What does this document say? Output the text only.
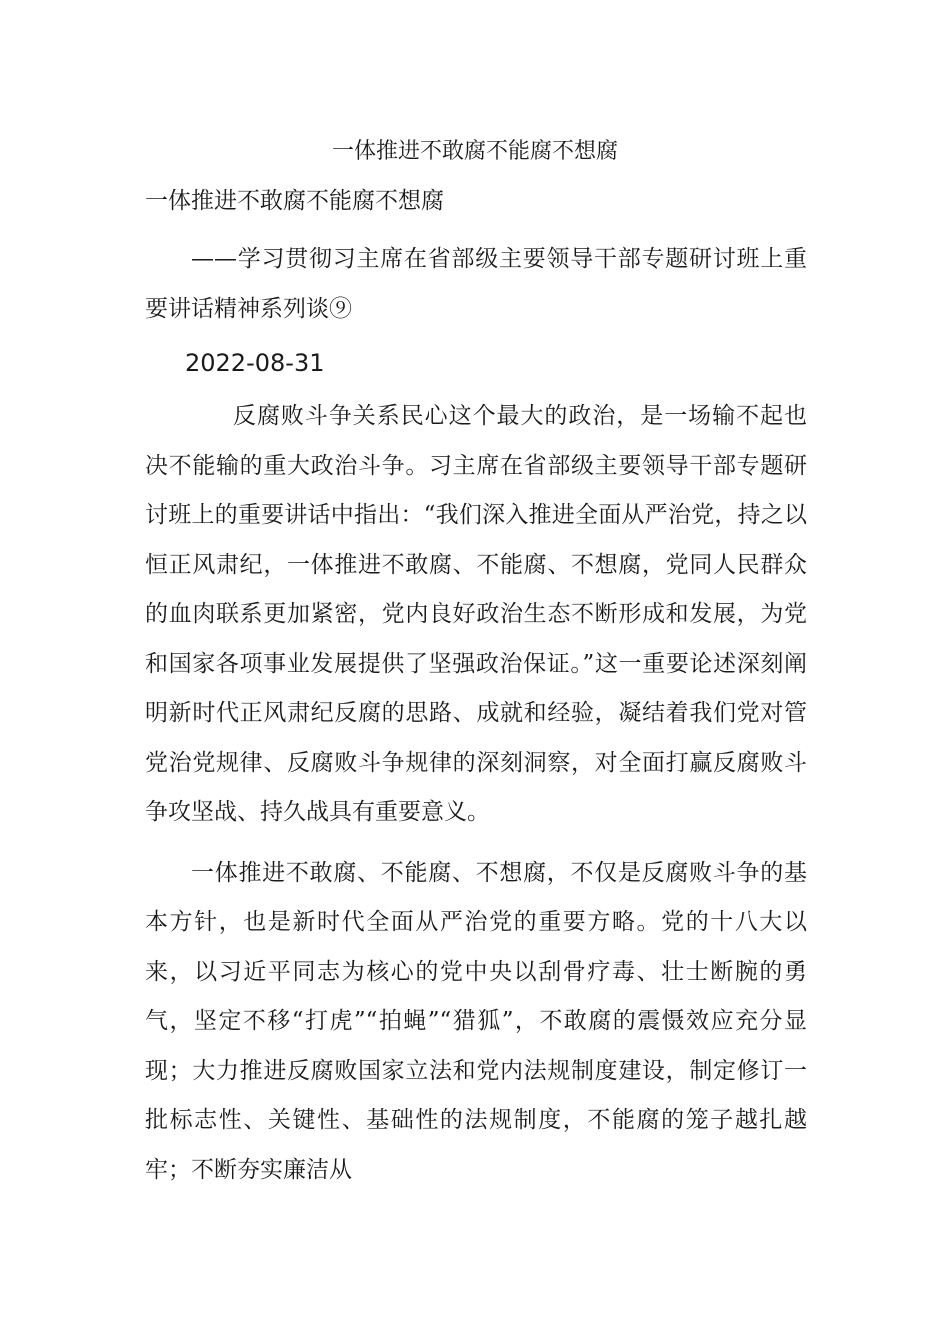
一体推进不敢腐不能腐不想腐

一体推进不敢腐不能腐不想腐

——学习贯彻习主席在省部级主要领导干部专题研讨班上重要讲话精神系列谈⑨

2022-08-31

反腐败斗争关系民心这个最大的政治，是一场输不起也决不能输的重大政治斗争。习主席在省部级主要领导干部专题研讨班上的重要讲话中指出：“我们深入推进全面从严治党，持之以恒正风肃纪，一体推进不敢腐、不能腐、不想腐，党同人民群众的血肉联系更加紧密，党内良好政治生态不断形成和发展，为党和国家各项事业发展提供了坚强政治保证。”这一重要论述深刻阐明新时代正风肃纪反腐的思路、成就和经验，凝结着我们党对管党治党规律、反腐败斗争规律的深刻洞察，对全面打赢反腐败斗争攻坚战、持久战具有重要意义。

一体推进不敢腐、不能腐、不想腐，不仅是反腐败斗争的基本方针，也是新时代全面从严治党的重要方略。党的十八大以来，以习近平同志为核心的党中央以刮骨疗毒、壮士断腕的勇气，坚定不移“打虎”“拍蝇”“猎狐”，不敢腐的震慑效应充分显现；大力推进反腐败国家立法和党内法规制度建设，制定修订一批标志性、关键性、基础性的法规制度，不能腐的笼子越扎越牢；不断夯实廉洁从
